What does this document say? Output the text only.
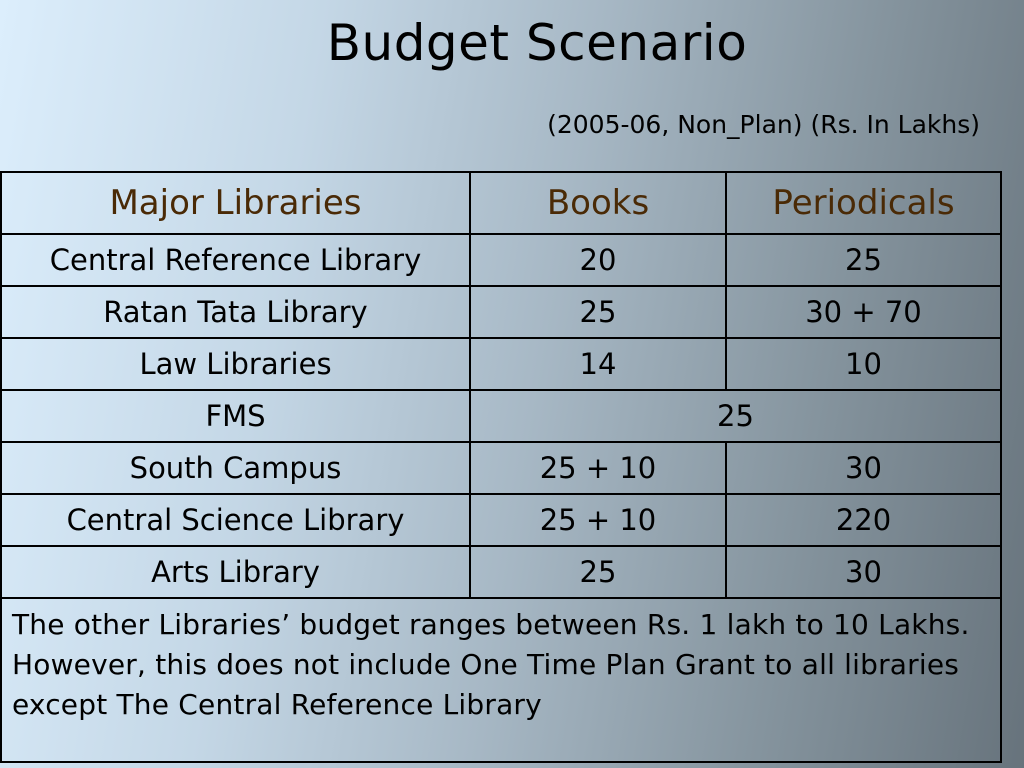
Budget Scenario
(2005-06, Non_Plan) (Rs. In Lakhs)
Major Libraries	Books	Periodicals
Central Reference Library	20	25
Ratan Tata Library	25	30 + 70
Law Libraries	14	10
FMS	25	
South Campus	25 + 10	30
Central Science Library	25 + 10	220
Arts Library	25	30
The other Libraries’ budget ranges between Rs. 1 lakh to 10 Lakhs. However, this does not include One Time Plan Grant to all libraries except The Central Reference Library		
